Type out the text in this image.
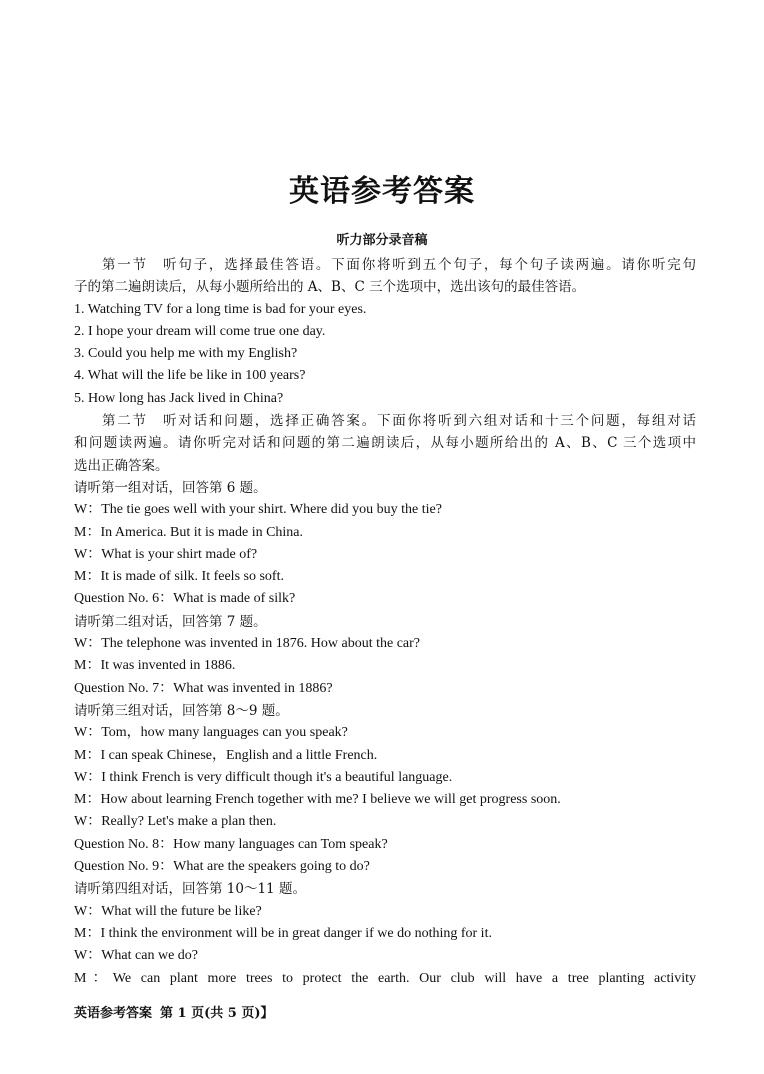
英语参考答案
听力部分录音稿
第一节　听句子，选择最佳答语。下面你将听到五个句子，每个句子读两遍。请你听完句
子的第二遍朗读后，从每小题所给出的 A、B、C 三个选项中，选出该句的最佳答语。
1. Watching TV for a long time is bad for your eyes.
2. I hope your dream will come true one day.
3. Could you help me with my English?
4. What will the life be like in 100 years?
5. How long has Jack lived in China?
第二节　听对话和问题，选择正确答案。下面你将听到六组对话和十三个问题，每组对话
和问题读两遍。请你听完对话和问题的第二遍朗读后，从每小题所给出的 A、B、C 三个选项中
选出正确答案。
请听第一组对话，回答第 6 题。
W：The tie goes well with your shirt. Where did you buy the tie?
M：In America. But it is made in China.
W：What is your shirt made of?
M：It is made of silk. It feels so soft.
Question No. 6：What is made of silk?
请听第二组对话，回答第 7 题。
W：The telephone was invented in 1876. How about the car?
M：It was invented in 1886.
Question No. 7：What was invented in 1886?
请听第三组对话，回答第 8～9 题。
W：Tom，how many languages can you speak?
M：I can speak Chinese，English and a little French.
W：I think French is very difficult though it's a beautiful language.
M：How about learning French together with me? I believe we will get progress soon.
W：Really? Let's make a plan then.
Question No. 8：How many languages can Tom speak?
Question No. 9：What are the speakers going to do?
请听第四组对话，回答第 10～11 题。
W：What will the future be like?
M：I think the environment will be in great danger if we do nothing for it.
W：What can we do?
M：We can plant more trees to protect the earth. Our club will have a tree planting activity
英语参考答案 第 1 页(共 5 页)】
